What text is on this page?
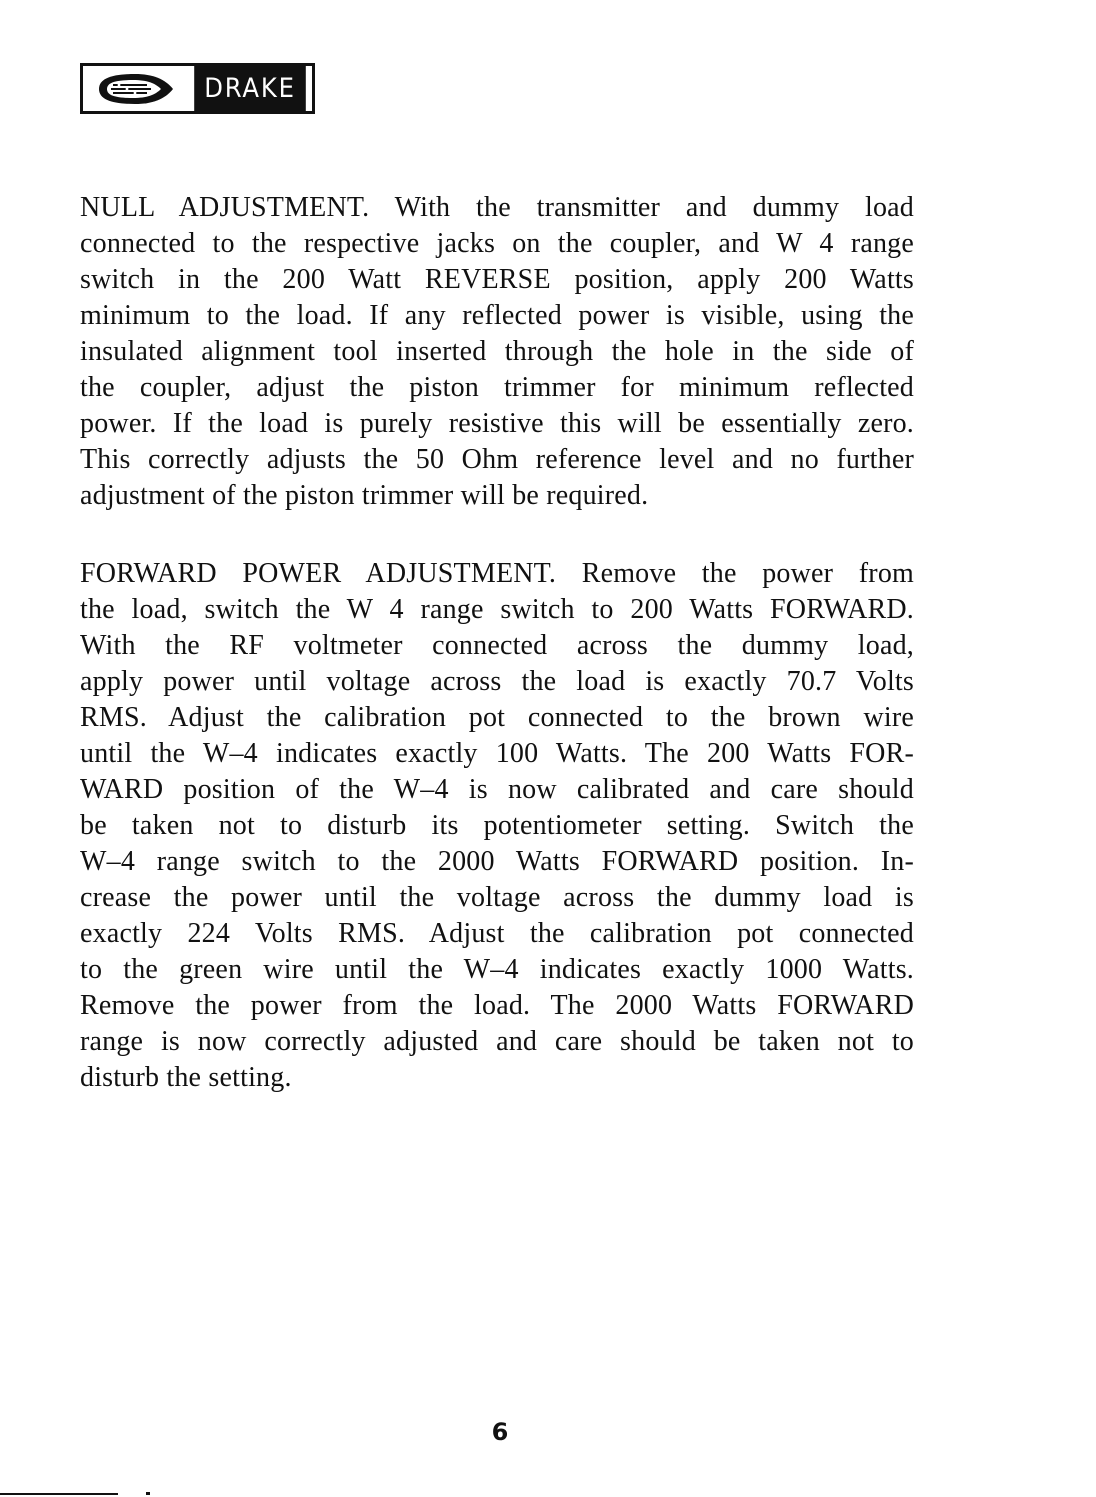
DRAKE
NULL ADJUSTMENT. With the transmitter and dummy load
connected to the respective jacks on the coupler, and W 4 range
switch in the 200 Watt REVERSE position, apply 200 Watts
minimum to the load. If any reflected power is visible, using the
insulated alignment tool inserted through the hole in the side of
the coupler, adjust the piston trimmer for minimum reflected
power. If the load is purely resistive this will be essentially zero.
This correctly adjusts the 50 Ohm reference level and no further
adjustment of the piston trimmer will be required.
FORWARD POWER ADJUSTMENT. Remove the power from
the load, switch the W 4 range switch to 200 Watts FORWARD.
With the RF voltmeter connected across the dummy load,
apply power until voltage across the load is exactly 70.7 Volts
RMS. Adjust the calibration pot connected to the brown wire
until the W–4 indicates exactly 100 Watts. The 200 Watts FOR-
WARD position of the W–4 is now calibrated and care should
be taken not to disturb its potentiometer setting. Switch the
W–4 range switch to the 2000 Watts FORWARD position. In-
crease the power until the voltage across the dummy load is
exactly 224 Volts RMS. Adjust the calibration pot connected
to the green wire until the W–4 indicates exactly 1000 Watts.
Remove the power from the load. The 2000 Watts FORWARD
range is now correctly adjusted and care should be taken not to
disturb the setting.
6
